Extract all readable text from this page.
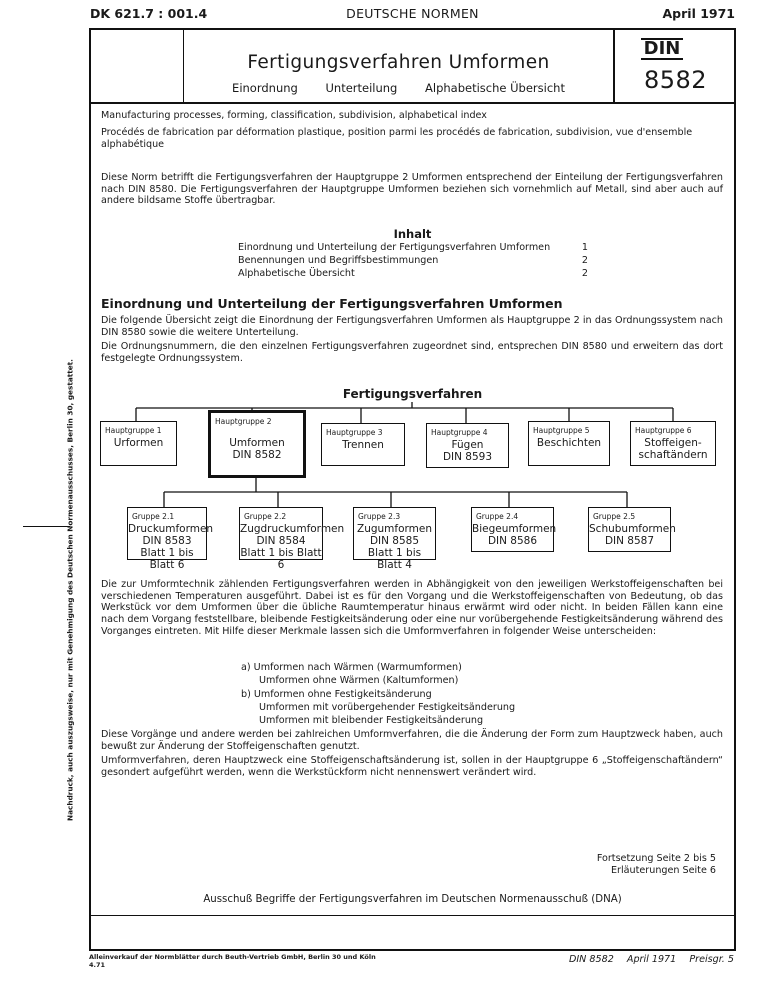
DK 621.7 : 001.4	DEUTSCHE NORMEN	April 1971
Nachdruck, auch auszugsweise, nur mit Genehmigung des Deutschen Normenausschusses, Berlin 30, gestattet.
Fertigungsverfahren Umformen
Einordnung Unterteilung Alphabetische Übersicht
DIN
8582
Manufacturing processes, forming, classification, subdivision, alphabetical index
Procédés de fabrication par déformation plastique, position parmi les procédés de fabrication, subdivision, vue d'ensemble alphabétique
Diese Norm betrifft die Fertigungsverfahren der Hauptgruppe 2 Umformen entsprechend der Einteilung der Fertigungsverfahren nach DIN 8580. Die Fertigungsverfahren der Hauptgruppe Umformen beziehen sich vornehmlich auf Metall, sind aber auch auf andere bildsame Stoffe übertragbar.
Inhalt
Einordnung und Unterteilung der Fertigungsverfahren Umformen	1
Benennungen und Begriffsbestimmungen	2
Alphabetische Übersicht	2
Einordnung und Unterteilung der Fertigungsverfahren Umformen
Die folgende Übersicht zeigt die Einordnung der Fertigungsverfahren Umformen als Hauptgruppe 2 in das Ordnungssystem nach DIN 8580 sowie die weitere Unterteilung.
Die Ordnungsnummern, die den einzelnen Fertigungsverfahren zugeordnet sind, entsprechen DIN 8580 und erweitern das dort festgelegte Ordnungssystem.
Fertigungsverfahren
Hauptgruppe 1
Urformen
Hauptgruppe 2
Umformen
DIN 8582
Hauptgruppe 3
Trennen
Hauptgruppe 4
Fügen
DIN 8593
Hauptgruppe 5
Beschichten
Hauptgruppe 6
Stoffeigen-
schaftändern
Gruppe 2.1
Druckumformen
DIN 8583
Blatt 1 bis Blatt 6
Gruppe 2.2
Zugdruckumformen
DIN 8584
Blatt 1 bis Blatt 6
Gruppe 2.3
Zugumformen
DIN 8585
Blatt 1 bis Blatt 4
Gruppe 2.4
Biegeumformen
DIN 8586
Gruppe 2.5
Schubumformen
DIN 8587
Die zur Umformtechnik zählenden Fertigungsverfahren werden in Abhängigkeit von den jeweiligen Werkstoffeigenschaften bei verschiedenen Temperaturen ausgeführt. Dabei ist es für den Vorgang und die Werkstoffeigenschaften von Bedeutung, ob das Werkstück vor dem Umformen über die übliche Raumtemperatur hinaus erwärmt wird oder nicht. In beiden Fällen kann eine nach dem Vorgang feststellbare, bleibende Festigkeitsänderung oder eine nur vorübergehende Festigkeitsänderung während des Vorganges eintreten. Mit Hilfe dieser Merkmale lassen sich die Umformverfahren in folgender Weise unterscheiden:
a) Umformen nach Wärmen (Warmumformen)
Umformen ohne Wärmen (Kaltumformen)
b) Umformen ohne Festigkeitsänderung
Umformen mit vorübergehender Festigkeitsänderung
Umformen mit bleibender Festigkeitsänderung
Diese Vorgänge und andere werden bei zahlreichen Umformverfahren, die die Änderung der Form zum Hauptzweck haben, auch bewußt zur Änderung der Stoffeigenschaften genutzt.
Umformverfahren, deren Hauptzweck eine Stoffeigenschaftsänderung ist, sollen in der Hauptgruppe 6 „Stoffeigenschaftändern“ gesondert aufgeführt werden, wenn die Werkstückform nicht nennenswert verändert wird.
Fortsetzung Seite 2 bis 5
Erläuterungen Seite 6
Ausschuß Begriffe der Fertigungsverfahren im Deutschen Normenausschuß (DNA)
Alleinverkauf der Normblätter durch Beuth-Vertrieb GmbH, Berlin 30 und Köln
4.71	DIN 8582 April 1971 Preisgr. 5
